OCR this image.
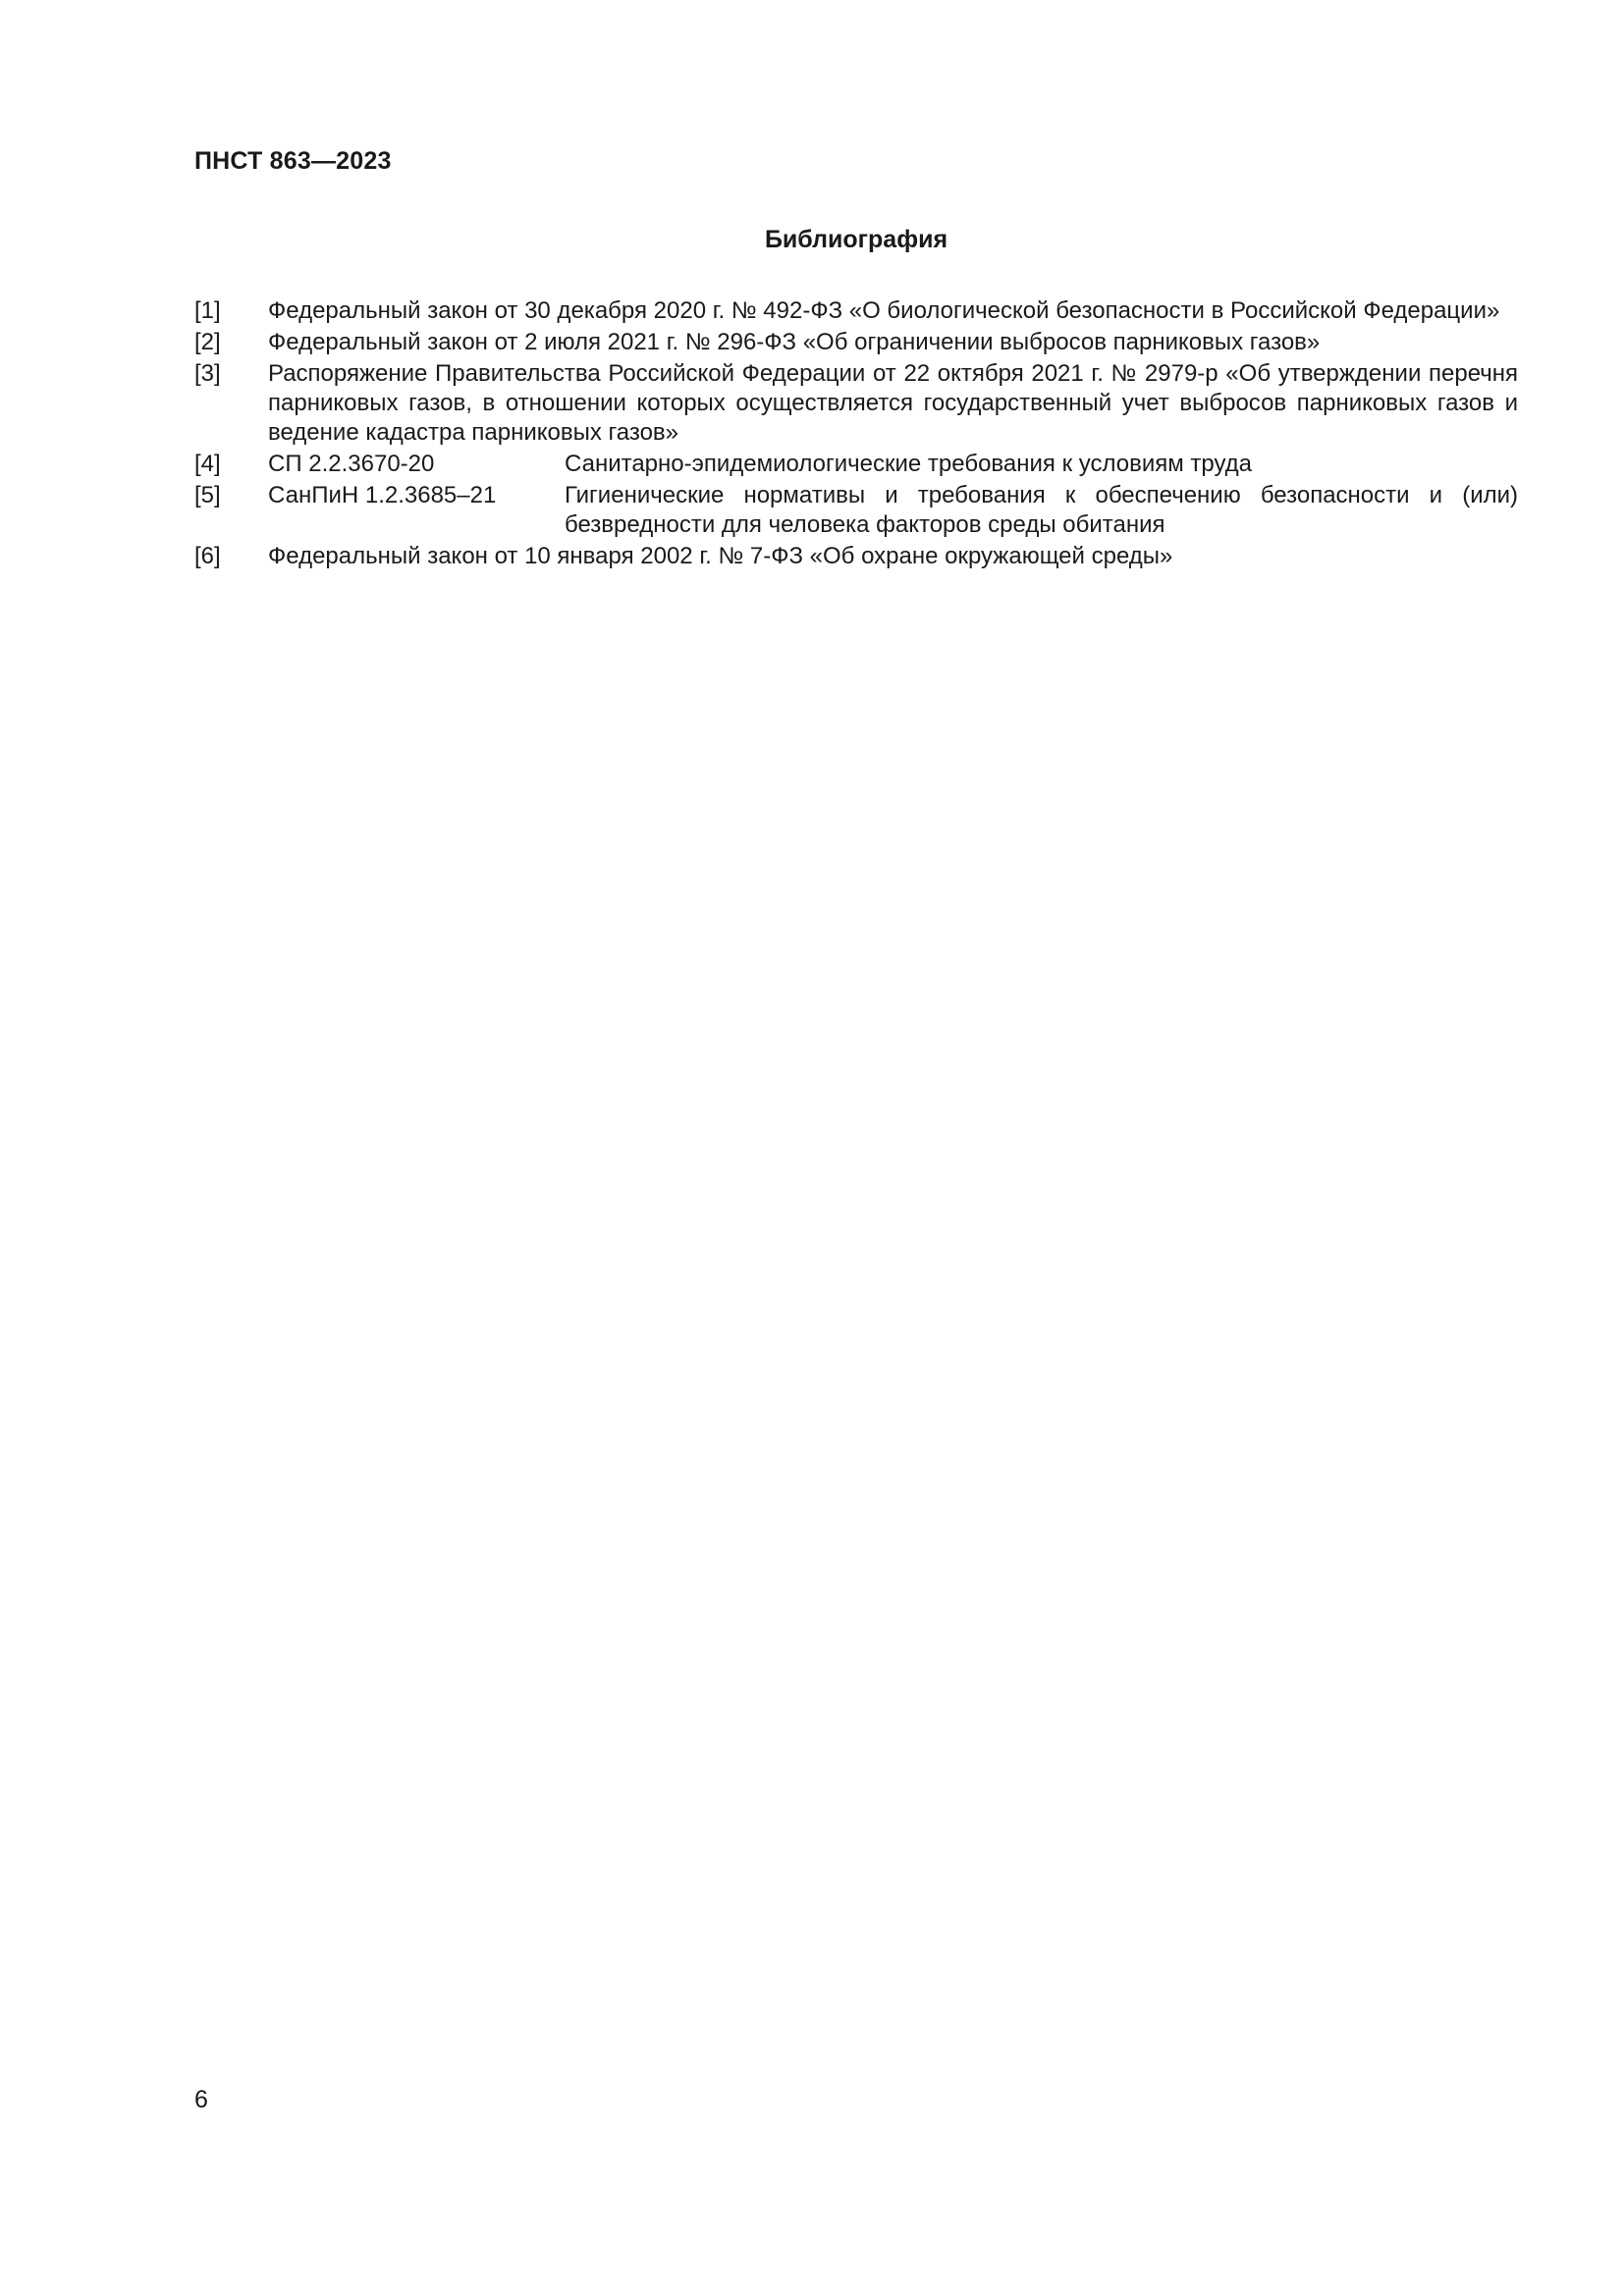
ПНСТ 863—2023
Библиография
[1] Федеральный закон от 30 декабря 2020 г. № 492-ФЗ «О биологической безопасности в Российской Федерации»
[2] Федеральный закон от 2 июля 2021 г. № 296-ФЗ «Об ограничении выбросов парниковых газов»
[3] Распоряжение Правительства Российской Федерации от 22 октября 2021 г. № 2979-р «Об утверждении перечня парниковых газов, в отношении которых осуществляется государственный учет выбросов парниковых газов и ведение кадастра парниковых газов»
[4] СП 2.2.3670-20	Санитарно-эпидемиологические требования к условиям труда
[5] СанПиН 1.2.3685–21	Гигиенические нормативы и требования к обеспечению безопасности и (или) безвредности для человека факторов среды обитания
[6] Федеральный закон от 10 января 2002 г. № 7-ФЗ «Об охране окружающей среды»
6
